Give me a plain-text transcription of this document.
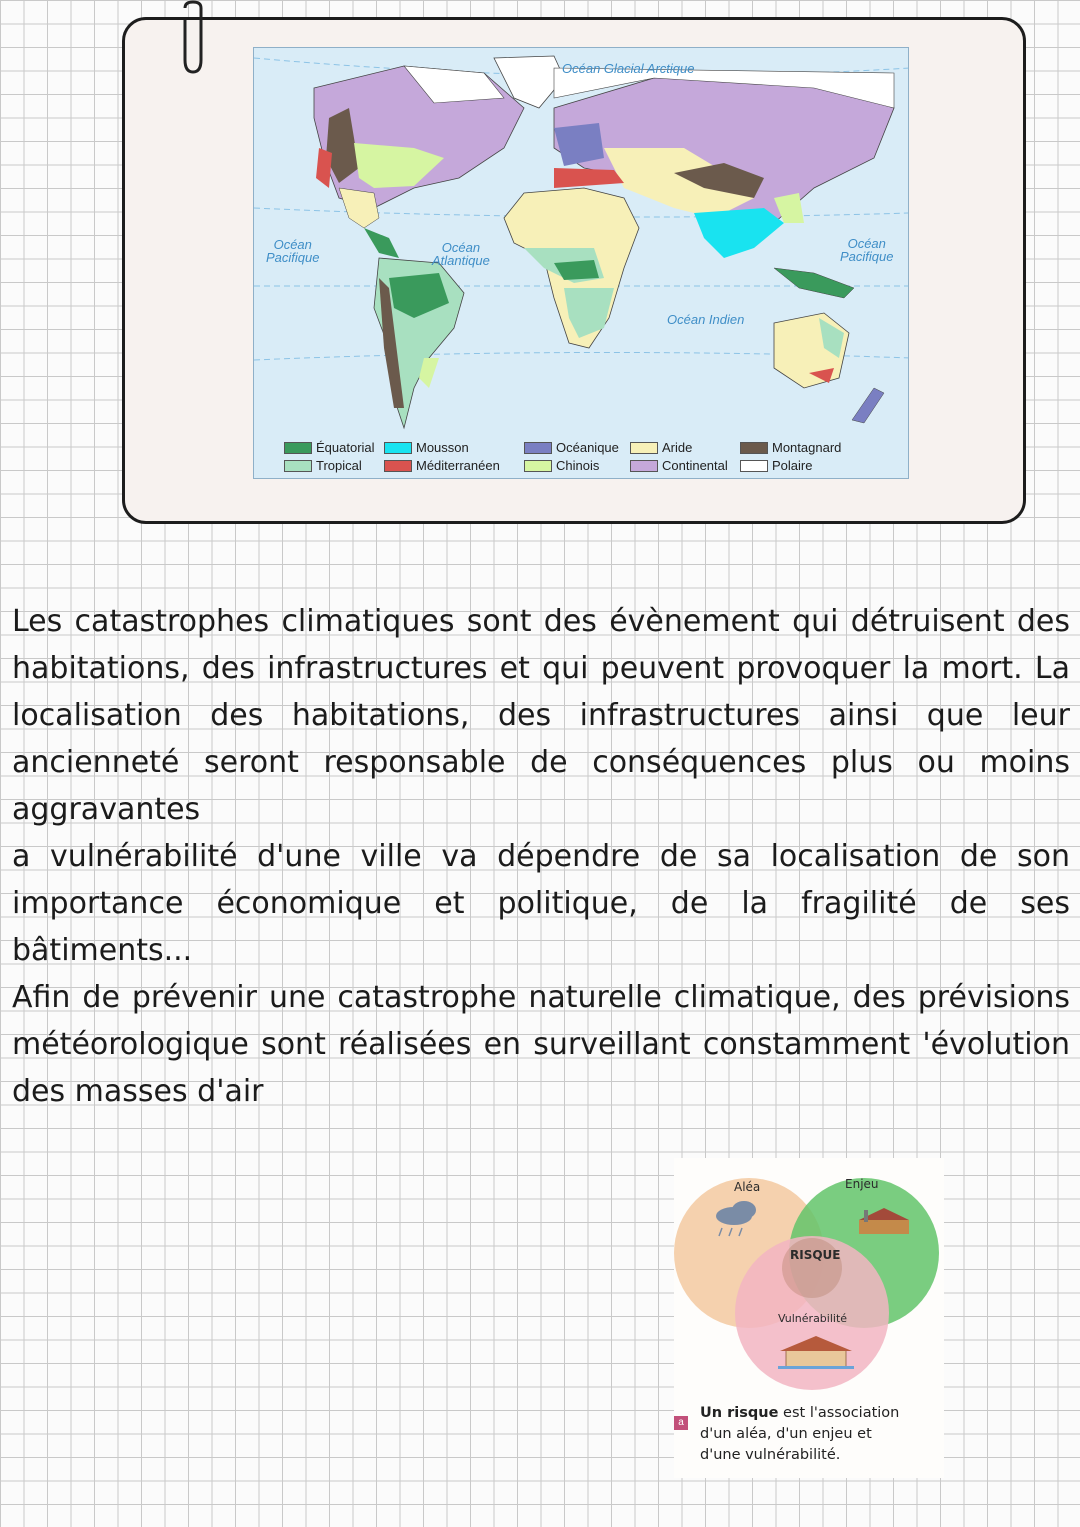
Océan Glacial Arctique
Océan
Pacifique
Océan
Atlantique
Océan
Pacifique
Océan Indien
Équatorial
Tropical
Mousson
Méditerranéen
Océanique
Chinois
Aride
Continental
Montagnard
Polaire

Les catastrophes climatiques sont des évènement qui détruisent des habitations, des infrastructures et qui peuvent provoquer la mort. La localisation des habitations, des infrastructures ainsi que leur ancienneté seront responsable de conséquences plus ou moins aggravantes

a vulnérabilité d'une ville va dépendre de sa localisation de son importance économique et politique, de la fragilité de ses bâtiments...

Afin de prévenir une catastrophe naturelle climatique, des prévisions météorologique sont réalisées en surveillant constamment 'évolution des masses d'air

Aléa	Enjeu
RISQUE
Vulnérabilité
a
Un risque est l'association d'un aléa, d'un enjeu et d'une vulnérabilité.
